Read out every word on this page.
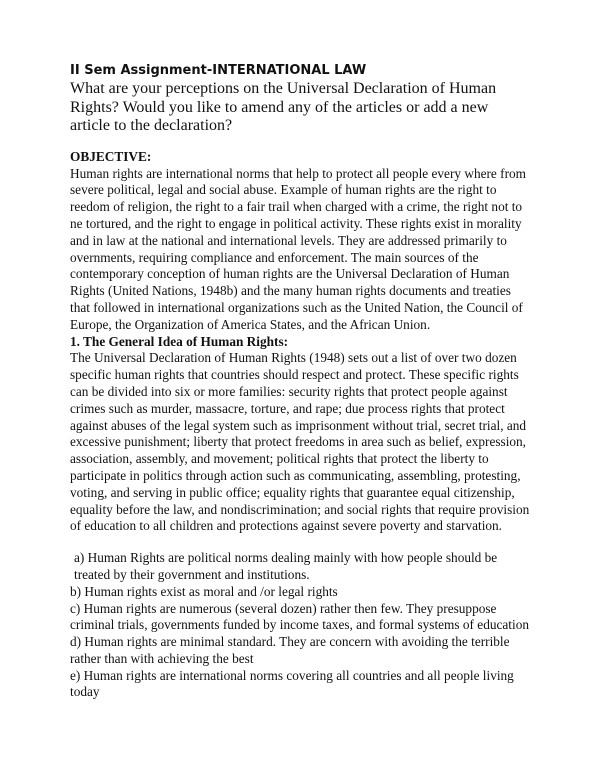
II Sem Assignment-INTERNATIONAL LAW

What are your perceptions on the Universal Declaration of Human Rights? Would you like to amend any of the articles or add a new article to the declaration?

OBJECTIVE:

Human rights are international norms that help to protect all people every where from severe political, legal and social abuse. Example of human rights are the right to reedom of religion, the right to a fair trail when charged with a crime, the right not to ne tortured, and the right to engage in political activity. These rights exist in morality and in law at the national and international levels. They are addressed primarily to overnments, requiring compliance and enforcement. The main sources of the contemporary conception of human rights are the Universal Declaration of Human Rights (United Nations, 1948b) and the many human rights documents and treaties that followed in international organizations such as the United Nation, the Council of Europe, the Organization of America States, and the African Union.

1. The General Idea of Human Rights:

The Universal Declaration of Human Rights (1948) sets out a list of over two dozen specific human rights that countries should respect and protect. These specific rights can be divided into six or more families: security rights that protect people against crimes such as murder, massacre, torture, and rape; due process rights that protect against abuses of the legal system such as imprisonment without trial, secret trial, and excessive punishment; liberty that protect freedoms in area such as belief, expression, association, assembly, and movement; political rights that protect the liberty to participate in politics through action such as communicating, assembling, protesting, voting, and serving in public office; equality rights that guarantee equal citizenship, equality before the law, and nondiscrimination; and social rights that require provision of education to all children and protections against severe poverty and starvation.

a) Human Rights are political norms dealing mainly with how people should be treated by their government and institutions.

b) Human rights exist as moral and /or legal rights

c) Human rights are numerous (several dozen) rather then few. They presuppose criminal trials, governments funded by income taxes, and formal systems of education

d) Human rights are minimal standard. They are concern with avoiding the terrible rather than with achieving the best

e) Human rights are international norms covering all countries and all people living today
